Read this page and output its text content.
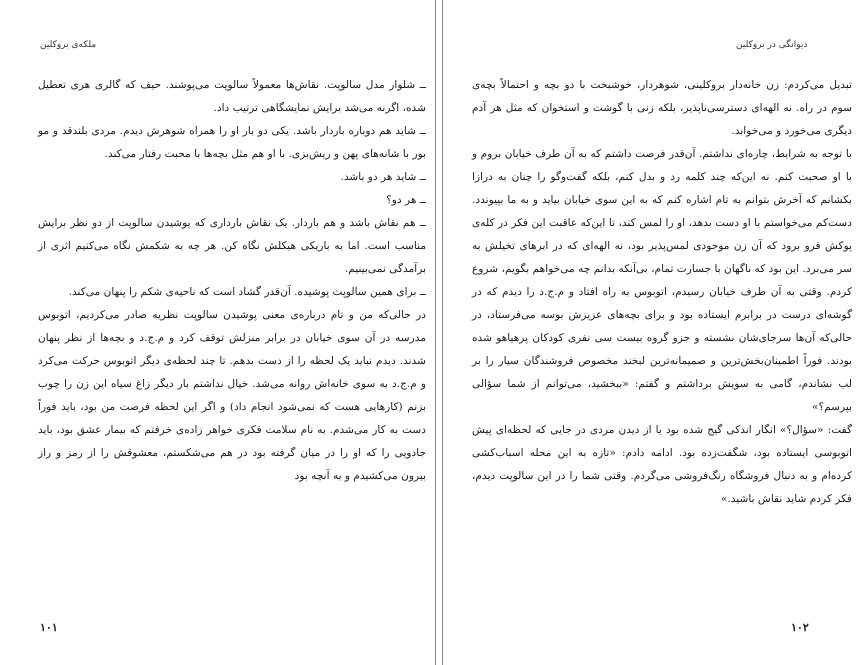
ملکه‌ی بروکلین

ــ شلوار مدل سالوپت. نقاش‌ها معمولاً سالوپت می‌پوشند. حیف که گالری هری تعطیل شده، اگرنه می‌شد برایش نمایشگاهی ترتیب داد.

ــ شاید هم دوباره باردار باشد. یکی دو بار او را همراه شوهرش دیدم. مردی بلندقد و مو بور با شانه‌های پهن و ریش‌بزی. با او هم مثل بچه‌ها با محبت رفتار می‌کند.

ــ شاید هر دو باشد.

ــ هر دو؟

ــ هم نقاش باشد و هم باردار. یک نقاش بارداری که پوشیدن سالوپت از دو نظر برایش مناسب است. اما به باریکی هیکلش نگاه کن. هر چه به شکمش نگاه می‌کنیم اثری از برآمدگی نمی‌بینیم.

ــ برای همین سالوپت پوشیده. آن‌قدر گشاد است که ناحیه‌ی شکم را پنهان می‌کند.

در حالی‌که من و تام درباره‌ی معنی پوشیدن سالوپت نظریه صادر می‌کردیم، اتوبوس مدرسه در آن سوی خیابان در برابر منزلش توقف کرد و م.ج.د و بچه‌ها از نظر پنهان شدند. دیدم نباید یک لحظه را از دست بدهم. تا چند لحظه‌ی دیگر اتوبوس حرکت می‌کرد و م.ج.د به سوی خانه‌اش روانه می‌شد. خیال نداشتم بار دیگر زاغ سیاه این زن را چوب بزنم (کارهایی هست که نمی‌شود انجام داد) و اگر این لحظه فرصت من بود، باید فوراً دست به کار می‌شدم. به نام سلامت فکری خواهر زاده‌ی خرفتم که بیمار عشق بود، باید جادویی را که او را در میان گرفته بود در هم می‌شکستم، معشوقش را از رمز و راز بیرون می‌کشیدم و به آنچه بود

۱۰۱
دیوانگی در بروکلین

تبدیل می‌کردم: زن خانه‌دار بروکلینی، شوهردار، خوشبخت با دو بچه و احتمالاً بچه‌ی سوم در راه. نه الهه‌ای دسترسی‌ناپذیر، بلکه زنی با گوشت و استخوان که مثل هر آدم دیگری می‌خورد و می‌خوابد.

با توجه به شرایط، چاره‌ای نداشتم. آن‌قدر فرصت داشتم که به آن طرف خیابان بروم و با او صحبت کنم. نه این‌که چند کلمه رد و بدل کنم، بلکه گفت‌وگو را چنان به درازا بکشانم که آخرش بتوانم به تام اشاره کنم که به این سوی خیابان بیاید و به ما بپیوندد. دست‌کم می‌خواستم با او دست بدهد، او را لمس کند، تا این‌که عاقبت این فکر در کله‌ی پوکش فرو برود که آن زن موجودی لمس‌پذیر بود، نه الهه‌ای که در ابرهای تخیلش به سر می‌برد. این بود که ناگهان با جسارت تمام، بی‌آنکه بدانم چه می‌خواهم بگویم، شروع کردم. وقتی به آن طرف خیابان رسیدم، اتوبوس به راه افتاد و م.ج.د را دیدم که در گوشه‌ای درست در برابرم ایستاده بود و برای بچه‌های عزیزش بوسه می‌فرستاد، در حالی‌که آن‌ها سرجای‌شان نشسته و جزو گروه بیست سی نفری کودکان پرهیاهو شده بودند. فوراً اطمینان‌بخش‌ترین و صمیمانه‌ترین لبخند مخصوص فروشندگان سیار را بر لب نشاندم، گامی به سویش برداشتم و گفتم: «ببخشید، می‌توانم از شما سؤالی بپرسم؟»

گفت: «سؤال؟» انگار اندکی گیج شده بود یا از دیدن مردی در جایی که لحظه‌ای پیش اتوبوسی ایستاده بود، شگفت‌زده بود. ادامه دادم: «تازه به این محله اسباب‌کشی کرده‌ام و به دنبال فروشگاه رنگ‌فروشی می‌گردم. وقتی شما را در این سالوپت دیدم، فکر کردم شاید نقاش باشید.»

۱۰۲
